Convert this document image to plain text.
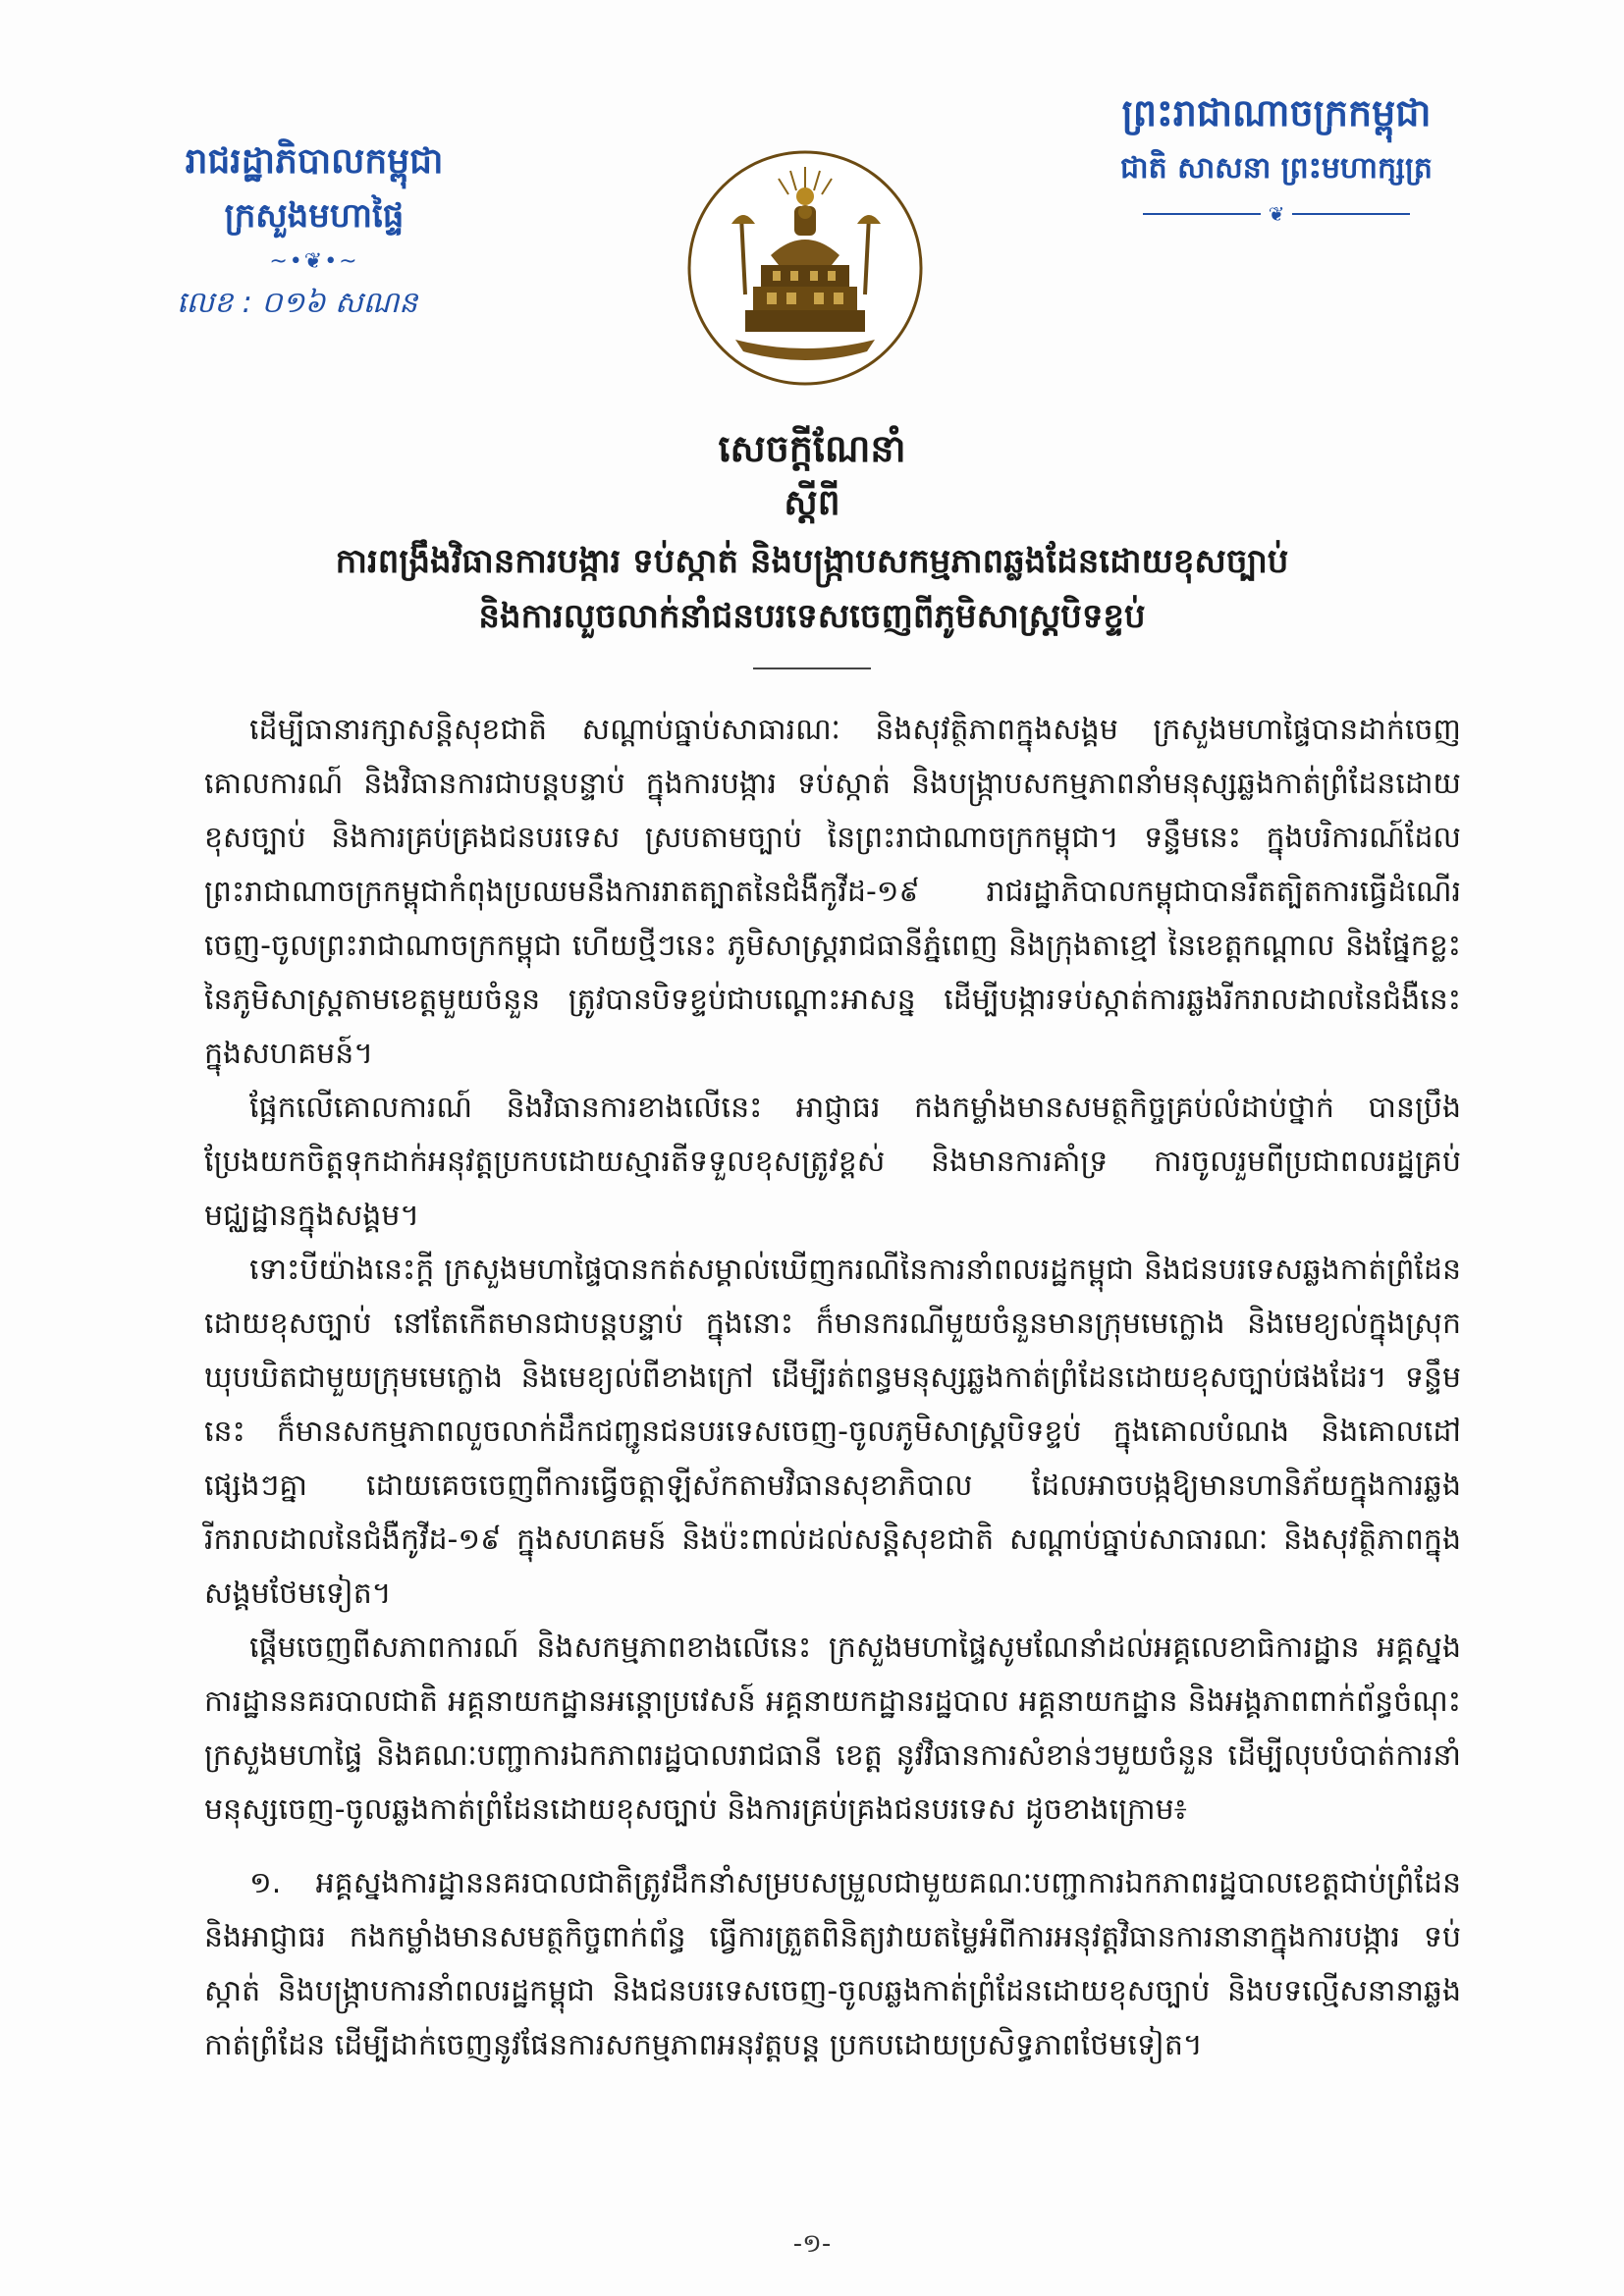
រាជរដ្ឋាភិបាលកម្ពុជា
ក្រសួងមហាផ្ទៃ
~•❦•~
លេខ : ០១៦ សណន
ព្រះរាជាណាចក្រកម្ពុជា
ជាតិ សាសនា ព្រះមហាក្សត្រ
❦
សេចក្តីណែនាំ
ស្តីពី
ការពង្រឹងវិធានការបង្ការ ទប់ស្កាត់ និងបង្ក្រាបសកម្មភាពឆ្លងដែនដោយខុសច្បាប់
និងការលួចលាក់នាំជនបរទេសចេញពីភូមិសាស្ត្របិទខ្ទប់

ដើម្បីធានារក្សាសន្តិសុខជាតិ សណ្តាប់ធ្នាប់សាធារណៈ និងសុវត្ថិភាពក្នុងសង្គម ក្រសួងមហាផ្ទៃបានដាក់ចេញគោលការណ៍ និងវិធានការជាបន្តបន្ទាប់ ក្នុងការបង្ការ ទប់ស្កាត់ និងបង្ក្រាបសកម្មភាពនាំមនុស្សឆ្លងកាត់ព្រំដែនដោយខុសច្បាប់ និងការគ្រប់គ្រងជនបរទេស ស្របតាមច្បាប់ នៃព្រះរាជាណាចក្រកម្ពុជា។ ទន្ទឹមនេះ ក្នុងបរិការណ៍ដែលព្រះរាជាណាចក្រកម្ពុជាកំពុងប្រឈមនឹងការរាតត្បាតនៃជំងឺកូវីដ-១៩ រាជរដ្ឋាភិបាលកម្ពុជាបានរឹតត្បិតការធ្វើដំណើរចេញ-ចូលព្រះរាជាណាចក្រកម្ពុជា ហើយថ្មីៗនេះ ភូមិសាស្ត្ររាជធានីភ្នំពេញ និងក្រុងតាខ្មៅ នៃខេត្តកណ្តាល និងផ្នែកខ្លះនៃភូមិសាស្ត្រតាមខេត្តមួយចំនួន ត្រូវបានបិទខ្ទប់ជាបណ្តោះអាសន្ន ដើម្បីបង្ការទប់ស្កាត់ការឆ្លងរីករាលដាលនៃជំងឺនេះក្នុងសហគមន៍។

ផ្អែកលើគោលការណ៍ និងវិធានការខាងលើនេះ អាជ្ញាធរ កងកម្លាំងមានសមត្ថកិច្ចគ្រប់លំដាប់ថ្នាក់ បានប្រឹងប្រែងយកចិត្តទុកដាក់អនុវត្តប្រកបដោយស្មារតីទទួលខុសត្រូវខ្ពស់ និងមានការគាំទ្រ ការចូលរួមពីប្រជាពលរដ្ឋគ្រប់មជ្ឈដ្ឋានក្នុងសង្គម។

ទោះបីយ៉ាងនេះក្តី ក្រសួងមហាផ្ទៃបានកត់សម្គាល់ឃើញករណីនៃការនាំពលរដ្ឋកម្ពុជា និងជនបរទេសឆ្លងកាត់ព្រំដែនដោយខុសច្បាប់ នៅតែកើតមានជាបន្តបន្ទាប់ ក្នុងនោះ ក៏មានករណីមួយចំនួនមានក្រុមមេក្លោង និងមេខ្យល់ក្នុងស្រុក ឃុបឃិតជាមួយក្រុមមេក្លោង និងមេខ្យល់ពីខាងក្រៅ ដើម្បីរត់ពន្ធមនុស្សឆ្លងកាត់ព្រំដែនដោយខុសច្បាប់ផងដែរ។ ទន្ទឹមនេះ ក៏មានសកម្មភាពលួចលាក់ដឹកជញ្ជូនជនបរទេសចេញ-ចូលភូមិសាស្ត្របិទខ្ទប់ ក្នុងគោលបំណង និងគោលដៅផ្សេងៗគ្នា ដោយគេចចេញពីការធ្វើចត្តាឡីស័កតាមវិធានសុខាភិបាល ដែលអាចបង្កឱ្យមានហានិភ័យក្នុងការឆ្លងរីករាលដាលនៃជំងឺកូវីដ-១៩ ក្នុងសហគមន៍ និងប៉ះពាល់ដល់សន្តិសុខជាតិ សណ្តាប់ធ្នាប់សាធារណៈ និងសុវត្ថិភាពក្នុងសង្គមថែមទៀត។

ផ្តើមចេញពីសភាពការណ៍ និងសកម្មភាពខាងលើនេះ ក្រសួងមហាផ្ទៃសូមណែនាំដល់អគ្គលេខាធិការដ្ឋាន អគ្គស្នងការដ្ឋាននគរបាលជាតិ អគ្គនាយកដ្ឋានអន្តោប្រវេសន៍ អគ្គនាយកដ្ឋានរដ្ឋបាល អគ្គនាយកដ្ឋាន និងអង្គភាពពាក់ព័ន្ធចំណុះក្រសួងមហាផ្ទៃ និងគណៈបញ្ជាការឯកភាពរដ្ឋបាលរាជធានី ខេត្ត នូវវិធានការសំខាន់ៗមួយចំនួន ដើម្បីលុបបំបាត់ការនាំមនុស្សចេញ-ចូលឆ្លងកាត់ព្រំដែនដោយខុសច្បាប់ និងការគ្រប់គ្រងជនបរទេស ដូចខាងក្រោម៖

១. អគ្គស្នងការដ្ឋាននគរបាលជាតិត្រូវដឹកនាំសម្របសម្រួលជាមួយគណៈបញ្ជាការឯកភាពរដ្ឋបាលខេត្តជាប់ព្រំដែន និងអាជ្ញាធរ កងកម្លាំងមានសមត្ថកិច្ចពាក់ព័ន្ធ ធ្វើការត្រួតពិនិត្យវាយតម្លៃអំពីការអនុវត្តវិធានការនានាក្នុងការបង្ការ ទប់ស្កាត់ និងបង្ក្រាបការនាំពលរដ្ឋកម្ពុជា និងជនបរទេសចេញ-ចូលឆ្លងកាត់ព្រំដែនដោយខុសច្បាប់ និងបទល្មើសនានាឆ្លងកាត់ព្រំដែន ដើម្បីដាក់ចេញនូវផែនការសកម្មភាពអនុវត្តបន្ត ប្រកបដោយប្រសិទ្ធភាពថែមទៀត។

-១-
